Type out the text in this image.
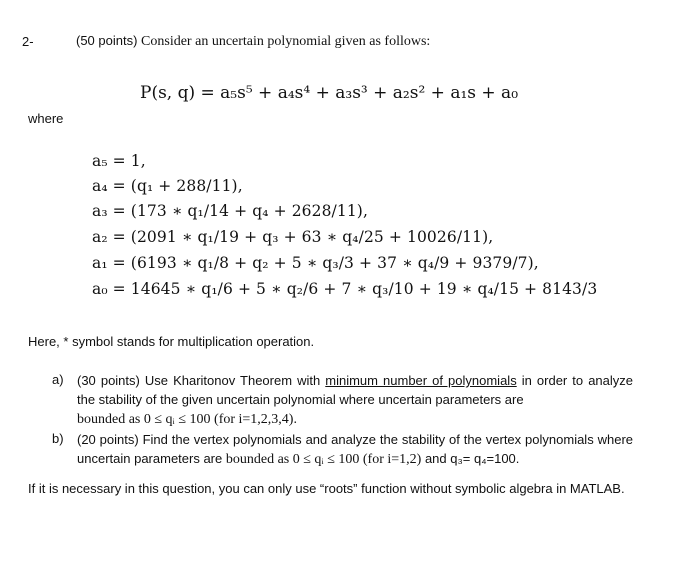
2-	(50 points) Consider an uncertain polynomial given as follows:
P(s, q) = a₅s⁵ + a₄s⁴ + a₃s³ + a₂s² + a₁s + a₀
where
a₅ = 1,
a₄ = (q₁ + 288/11),
a₃ = (173 ∗ q₁/14 + q₄ + 2628/11),
a₂ = (2091 ∗ q₁/19 + q₃ + 63 ∗ q₄/25 + 10026/11),
a₁ = (6193 ∗ q₁/8 + q₂ + 5 ∗ q₃/3 + 37 ∗ q₄/9 + 9379/7),
a₀ = 14645 ∗ q₁/6 + 5 ∗ q₂/6 + 7 ∗ q₃/10 + 19 ∗ q₄/15 + 8143/3
Here, * symbol stands for multiplication operation.
a) (30 points) Use Kharitonov Theorem with minimum number of polynomials in order to analyze the stability of the given uncertain polynomial where uncertain parameters are
bounded as 0 ≤ qᵢ ≤ 100 (for i=1,2,3,4).
b) (20 points) Find the vertex polynomials and analyze the stability of the vertex polynomials where uncertain parameters are bounded as 0 ≤ qᵢ ≤ 100 (for i=1,2) and q₃= q₄=100.
If it is necessary in this question, you can only use “roots” function without symbolic algebra in MATLAB.
